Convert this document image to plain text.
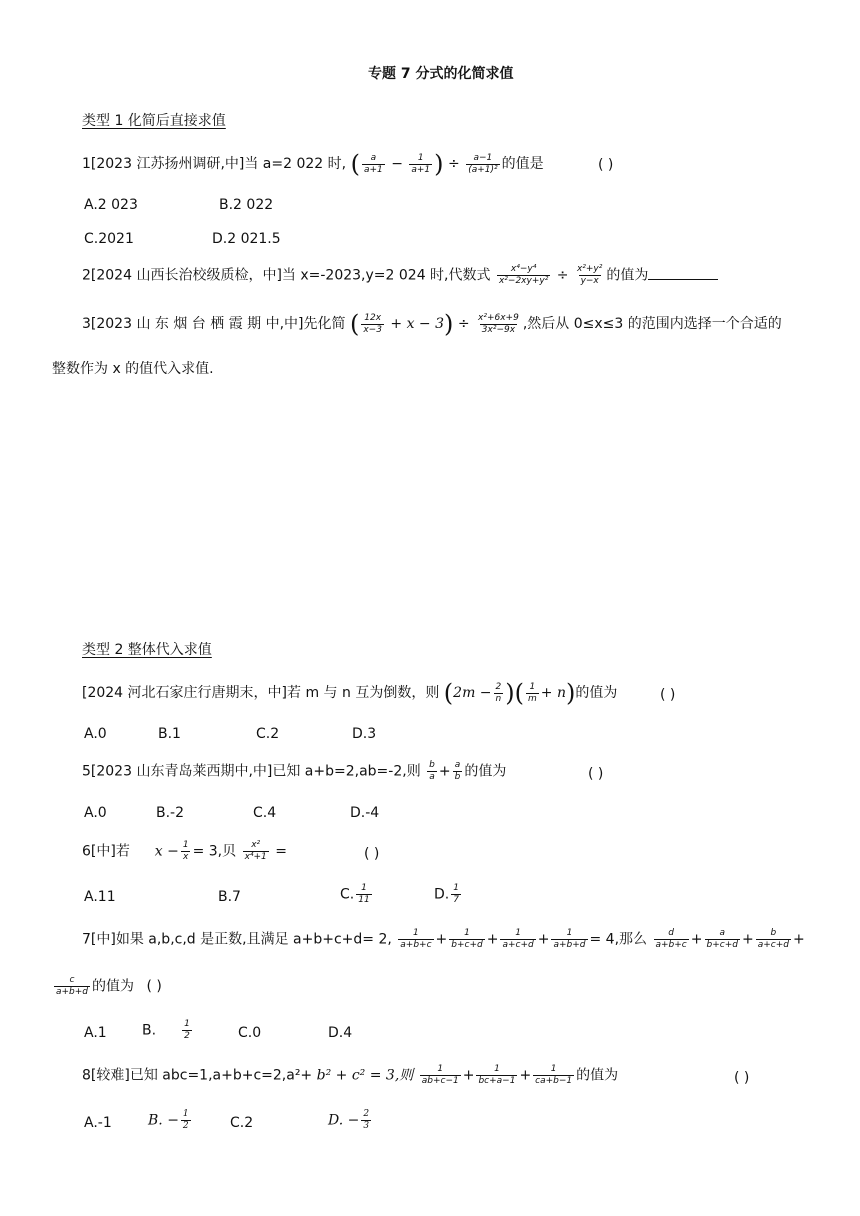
专题 7 分式的化简求值
类型 1 化简后直接求值
1[2023 江苏扬州调研,中]当 a=2 022 时, ( $\frac{a}{a+1} - \frac{1}{a+1}$ ) ÷ $\frac{a-1}{\text{(a+1)²}}$ 的值是	( )
A.2 023	B.2 022
C.2021	D.2 021.5
2[2024 山西长治校级质检，中]当 x=-2023,y=2 024 时,代数式 $\frac{\text{x⁴−y⁴}}{\text{x²−2xy+y²}} \div \frac{\text{x²+y²}}{y-x}$ 的值为
3[2023 山 东 烟 台 栖 霞 期 中,中]先化简 ( $\frac{12x}{x-3} + x - 3) \div \frac{\text{x²+6x+9}}{\text{3x²−9x}}$ ,然后从 0≤x≤3 的范围内选择一个合适的
整数作为 x 的值代入求值.
类型 2 整体代入求值
[2024 河北石家庄行唐期末，中]若 m 与 n 互为倒数，则 ($2m - \frac{2}{n}$ )( $\frac{1}{m} + n$)的值为	( )
A.0	B.1	C.2	D.3
5[2023 山东青岛莱西期中,中]已知 a+b=2,ab=-2,则 $\frac{b}{a} + \frac{a}{b}$ 的值为	( )
A.0	B.-2	C.4	D.-4
6[中]若 $x - \frac{1}{x} = 3$,贝 $\frac{\text{x²}}{\text{x⁴+1}}$ =	( )
A.11	B.7	C. $\frac{1}{11}$	D. $\frac{1}{7}$
7[中]如果 a,b,c,d 是正数,且满足 a+b+c+d= 2, $\frac{1}{a+b+c} + \frac{1}{b+c+d} + \frac{1}{a+c+d} + \frac{1}{a+b+d} = 4$,那么 $\frac{d}{a+b+c} + \frac{a}{b+c+d} + \frac{b}{a+c+d}$ +
$\frac{c}{a+b+d}$ 的值为 ( )
A.1	B.	$\frac{1}{2}$	C.0	D.4
8[较难]已知 abc=1,a+b+c=2,a²+ b² + c² = 3,则 $\frac{1}{ab+c-1} + \frac{1}{bc+a-1} + \frac{1}{ca+b-1}$ 的值为	( )
A.-1	B. − $\frac{1}{2}$	C.2	D. − $\frac{2}{3}$
